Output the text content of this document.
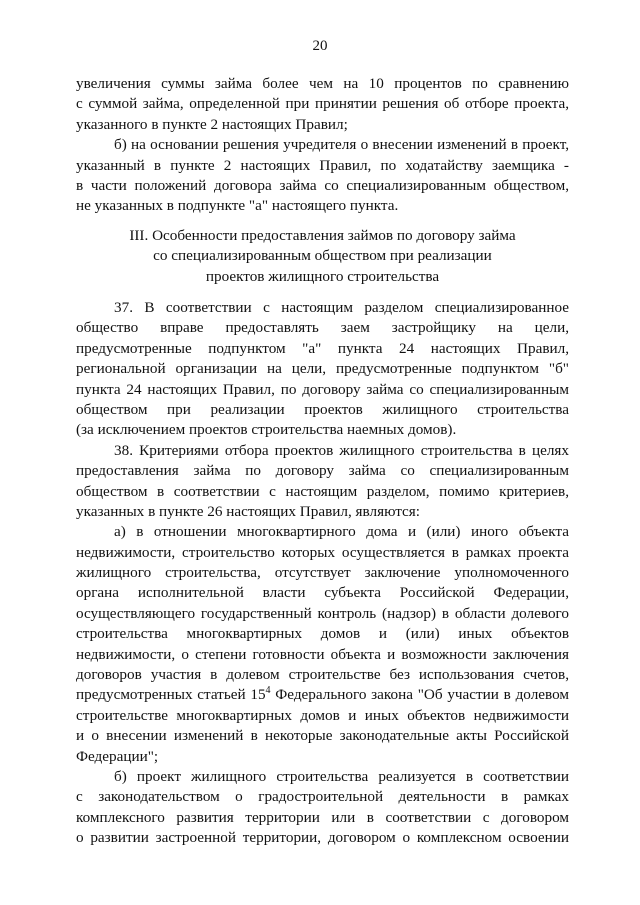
20
увеличения суммы займа более чем на 10 процентов по сравнению
с суммой займа, определенной при принятии решения об отборе проекта,
указанного в пункте 2 настоящих Правил;
б) на основании решения учредителя о внесении изменений в проект,
указанный в пункте 2 настоящих Правил, по ходатайству заемщика -
в части положений договора займа со специализированным обществом,
не указанных в подпункте "а" настоящего пункта.
III. Особенности предоставления займов по договору займа
со специализированным обществом при реализации
проектов жилищного строительства
37. В соответствии с настоящим разделом специализированное
общество вправе предоставлять заем застройщику на цели,
предусмотренные подпунктом "а" пункта 24 настоящих Правил,
региональной организации на цели, предусмотренные подпунктом "б"
пункта 24 настоящих Правил, по договору займа со специализированным
обществом при реализации проектов жилищного строительства
(за исключением проектов строительства наемных домов).
38. Критериями отбора проектов жилищного строительства в целях
предоставления займа по договору займа со специализированным
обществом в соответствии с настоящим разделом, помимо критериев,
указанных в пункте 26 настоящих Правил, являются:
а) в отношении многоквартирного дома и (или) иного объекта
недвижимости, строительство которых осуществляется в рамках проекта
жилищного строительства, отсутствует заключение уполномоченного
органа исполнительной власти субъекта Российской Федерации,
осуществляющего государственный контроль (надзор) в области долевого
строительства многоквартирных домов и (или) иных объектов
недвижимости, о степени готовности объекта и возможности заключения
договоров участия в долевом строительстве без использования счетов,
предусмотренных статьей $15^4$ Федерального закона "Об участии в долевом
строительстве многоквартирных домов и иных объектов недвижимости
и о внесении изменений в некоторые законодательные акты Российской
Федерации";
б) проект жилищного строительства реализуется в соответствии
с законодательством о градостроительной деятельности в рамках
комплексного развития территории или в соответствии с договором
о развитии застроенной территории, договором о комплексном освоении
